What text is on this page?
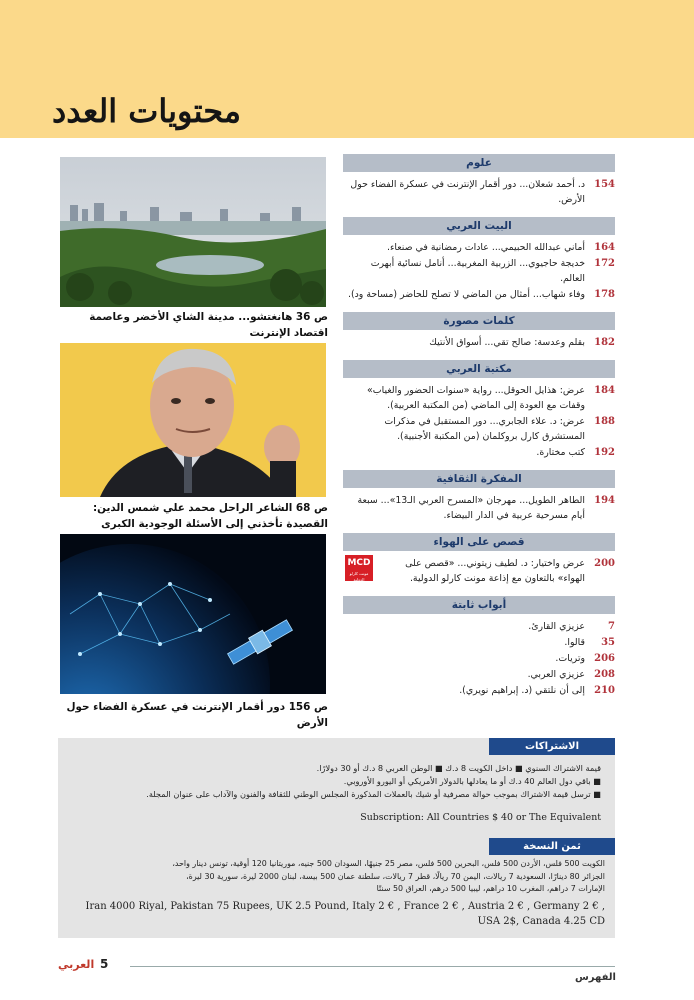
محتويات العدد
ص 36 هانغتشو... مدينة الشاي الأخضر وعاصمة اقتصاد الإنترنت
ص 68 الشاعر الراحل محمد علي شمس الدين: القصيدة تأخذني إلى الأسئلة الوجودية الكبرى
ص 156 دور أقمار الإنترنت في عسكرة الفضاء حول الأرض
علوم
154
د. أحمد شعلان... دور أقمار الإنترنت في عسكرة الفضاء حول الأرض.
البيت العربي
164
أماني عبدالله الحبيمي... عادات رمضانية في صنعاء.
172
خديجة حاجيوي... الزربية المغربية... أنامل نسائية أبهرت العالم.
178
وفاء شهاب... أمثال من الماضي لا تصلح للحاضر (مساحة ود).
كلمات مصورة
182
بقلم وعدسة: صالح تقي... أسواق الأنتيك
مكتبة العربي
184
عرض: هذايل الحوقل... رواية «سنوات الحضور والغياب» وقفات مع العودة إلى الماضي (من المكتبة العربية).
188
عرض: د. علاء الجابري... دور المستقبل في مذكرات المستشرق كارل بروكلمان (من المكتبة الأجنبية).
192
كتب مختارة.
المفكرة الثقافية
194
الطاهر الطويل... مهرجان «المسرح العربي الـ13»... سبعة أيام مسرحية عربية في الدار البيضاء.
قصص على الهواء
200
عرض واختيار: د. لطيف زيتوني... «قصص على الهواء» بالتعاون مع إذاعة مونت كارلو الدولية.
MCD
مونت كارلو الدولية
أبواب ثابتة
7
عزيزي القارئ.
35
قالوا.
206
وتريات.
208
عزيزي العربي.
210
إلى أن نلتقي (د. إبراهيم نويري).
الاشتراكات
قيمة الاشتراك السنوي ■ داخل الكويت 8 د.ك ■ الوطن العربي 8 د.ك أو 30 دولارًا.
■ باقي دول العالم 40 د.ك أو ما يعادلها بالدولار الأمريكي أو اليورو الأوروبي.
■ ترسل قيمة الاشتراك بموجب حوالة مصرفية أو شيك بالعملات المذكورة المجلس الوطني للثقافة والفنون والآداب على عنوان المجلة.
Subscription: All Countries $ 40 or The Equivalent
ثمن النسخة
الكويت 500 فلس، الأردن 500 فلس، البحرين 500 فلس، مصر 25 جنيهًا، السودان 500 جنيه، موريتانيا 120 أوقية، تونس دينار واحد،
الجزائر 80 دينارًا، السعودية 7 ريالات، اليمن 70 ريالًا، قطر 7 ريالات، سلطنة عمان 500 بيسة، لبنان 2000 ليرة، سورية 30 ليرة،
الإمارات 7 دراهم، المغرب 10 دراهم، ليبيا 500 درهم، العراق 50 سنتًا
Iran 4000 Riyal, Pakistan 75 Rupees, UK 2.5 Pound, Italy 2 € , France 2 € , Austria 2 € , Germany 2 € ,
USA 2$, Canada 4.25 CD
العربي 5
الفهرس
